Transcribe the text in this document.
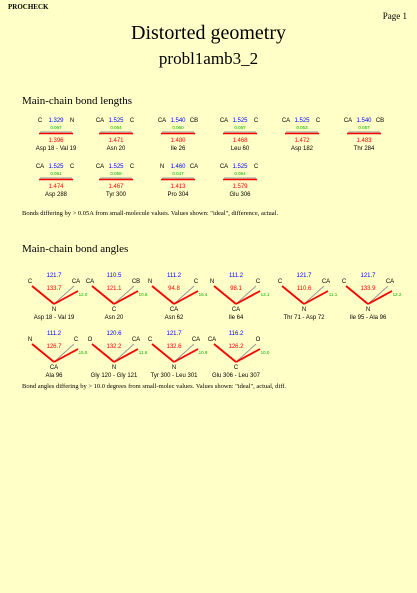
PROCHECK
Page 1
Distorted geometry
probl1amb3_2
Main-chain bond lengths
C 1.329 N
0.067
1.396
Asp 18 - Val 19
CA 1.525 C
0.054
1.471
Asn 20
CA 1.540 CB
0.060
1.480
Ile 26
CA 1.525 C
0.057
1.468
Leu 60
CA 1.525 C
0.053
1.472
Asp 182
CA 1.540 CB
0.057
1.483
Thr 284
CA 1.525 C
0.051
1.474
Asp 288
CA 1.525 C
0.058
1.467
Tyr 300
N 1.460 CA
0.047
1.413
Pro 304
CA 1.525 C
0.054
1.579
Glu 306
Bonds differing by > 0.05A from small-molecule values. Values shown: "ideal", difference, actual.
Main-chain bond angles
121.7
133.7
C	CA
12.0
N
Asp 18 - Val 19
110.5
121.1
CA	CB
10.6
C
Asn 20
111.2
94.8
N	C
16.4
CA
Asn 62
111.2
98.1
N	C
13.1
CA
Ile 64
121.7
110.6
C	CA
11.1
N
Thr 71 - Asp 72
121.7
133.9
C	CA
12.2
N
Ile 95 - Ala 96
111.2
126.7
N	C
15.5
CA
Ala 96
120.6
132.2
O	CA
11.6
N
Gly 120 - Gly 121
121.7
132.6
C	CA
10.9
N
Tyr 300 - Leu 301
116.2
126.2
CA	O
10.0
C
Glu 306 - Leu 307
Bond angles differing by > 10.0 degrees from small-molec values. Values shown: "ideal", actual, diff.
